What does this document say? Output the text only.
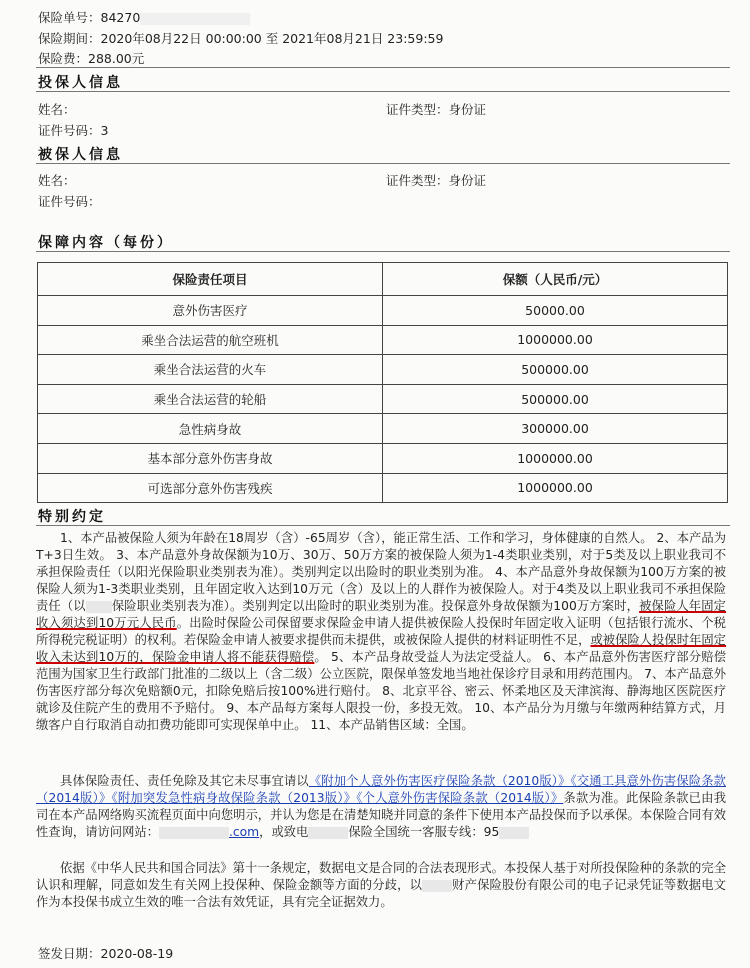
保险单号：84270
保险期间：2020年08月22日 00:00:00 至 2021年08月21日 23:59:59
保险费：288.00元
投保人信息
姓名：	证件类型：身份证
证件号码：3
被保人信息
姓名：	证件类型：身份证
证件号码：
保障内容（每份）
保险责任项目	保额（人民币/元）
意外伤害医疗	50000.00
乘坐合法运营的航空班机	1000000.00
乘坐合法运营的火车	500000.00
乘坐合法运营的轮船	500000.00
急性病身故	300000.00
基本部分意外伤害身故	1000000.00
可选部分意外伤害残疾	1000000.00
特别约定
1、本产品被保险人须为年龄在18周岁（含）-65周岁（含），能正常生活、工作和学习，身体健康的自然人。 2、本产品为T+3日生效。 3、本产品意外身故保额为10万、30万、50万方案的被保险人须为1-4类职业类别，对于5类及以上职业我司不承担保险责任（以阳光保险职业类别表为准）。类别判定以出险时的职业类别为准。 4、本产品意外身故保额为100万方案的被保险人须为1-3类职业类别，且年固定收入达到10万元（含）及以上的人群作为被保险人。对于4类及以上职业我司不承担保险责任（以 保险职业类别表为准）。类别判定以出险时的职业类别为准。投保意外身故保额为100万方案时，被保险人年固定收入须达到10万元人民币。出险时保险公司保留要求保险金申请人提供被保险人投保时年固定收入证明（包括银行流水、个税所得税完税证明）的权利。若保险金申请人被要求提供而未提供，或被保险人提供的材料证明性不足，或被保险人投保时年固定收入未达到10万的，保险金申请人将不能获得赔偿。 5、本产品身故受益人为法定受益人。 6、本产品意外伤害医疗部分赔偿范围为国家卫生行政部门批准的二级以上（含二级）公立医院，限保单签发地当地社保诊疗目录和用药范围内。 7、本产品意外伤害医疗部分每次免赔额0元，扣除免赔后按100%进行赔付。 8、北京平谷、密云、怀柔地区及天津滨海、静海地区医院医疗就诊及住院产生的费用不予赔付。 9、本产品每方案每人限投一份，多投无效。 10、本产品分为月缴与年缴两种结算方式，月缴客户自行取消自动扣费功能即可实现保单中止。 11、本产品销售区域：全国。
具体保险责任、责任免除及其它未尽事宜请以《附加个人意外伤害医疗保险条款（2010版）》《交通工具意外伤害保险条款（2014版）》《附加突发急性病身故保险条款（2013版）》《个人意外伤害保险条款（2014版）》条款为准。此保险条款已由我司在本产品网络购买流程页面中向您明示，并认为您是在清楚知晓并同意的条件下使用本产品投保而予以承保。本保险合同有效性查询，请访问网站：	.com，或致电	保险全国统一客服专线：95
依据《中华人民共和国合同法》第十一条规定，数据电文是合同的合法表现形式。本投保人基于对所投保险种的条款的完全认识和理解，同意如发生有关网上投保种、保险金额等方面的分歧，以 财产保险股份有限公司的电子记录凭证等数据电文作为本投保书成立生效的唯一合法有效凭证，具有完全证据效力。
签发日期：2020-08-19
